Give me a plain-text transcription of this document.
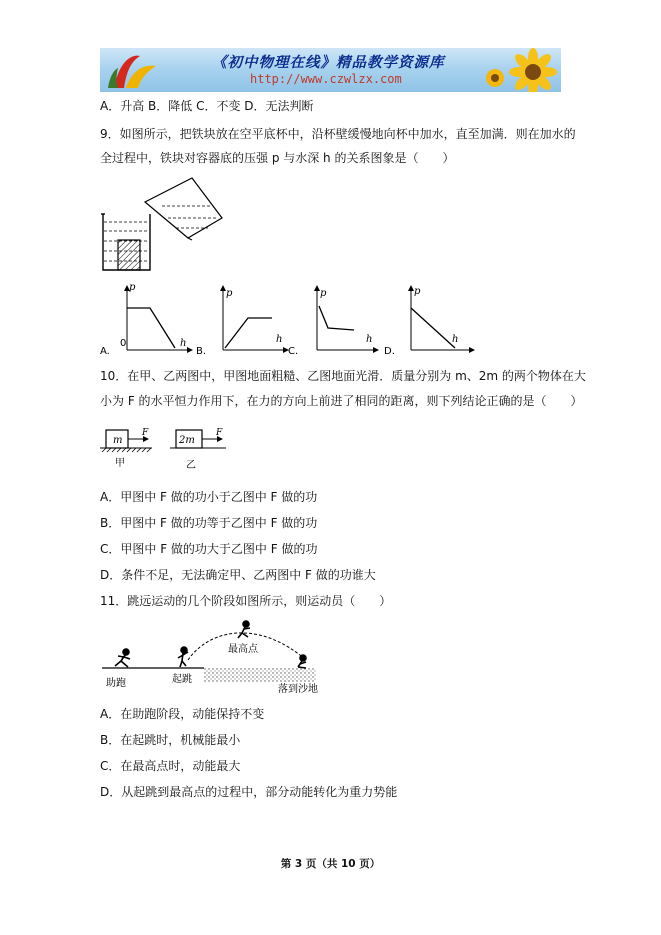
《初中物理在线》精品教学资源库
http://www.czwlzx.com
A．升高 B．降低 C．不变 D．无法判断
9．如图所示，把铁块放在空平底杯中，沿杯壁缓慢地向杯中加水，直至加满．则在加水的
全过程中，铁块对容器底的压强 p 与水深 h 的关系图象是（　　）
p
h
0
A.
p
h
B.
p
h
C.
p
h
D.
10．在甲、乙两图中，甲图地面粗糙、乙图地面光滑．质量分别为 m、2m 的两个物体在大
小为 F 的水平恒力作用下，在力的方向上前进了相同的距离，则下列结论正确的是（　　）
m
F
甲
2m
F
乙
A．甲图中 F 做的功小于乙图中 F 做的功
B．甲图中 F 做的功等于乙图中 F 做的功
C．甲图中 F 做的功大于乙图中 F 做的功
D．条件不足，无法确定甲、乙两图中 F 做的功谁大
11．跳远运动的几个阶段如图所示，则运动员（　　）
助跑	起跳
最高点
落到沙地
A．在助跑阶段，动能保持不变
B．在起跳时，机械能最小
C．在最高点时，动能最大
D．从起跳到最高点的过程中，部分动能转化为重力势能
第 3 页（共 10 页）
